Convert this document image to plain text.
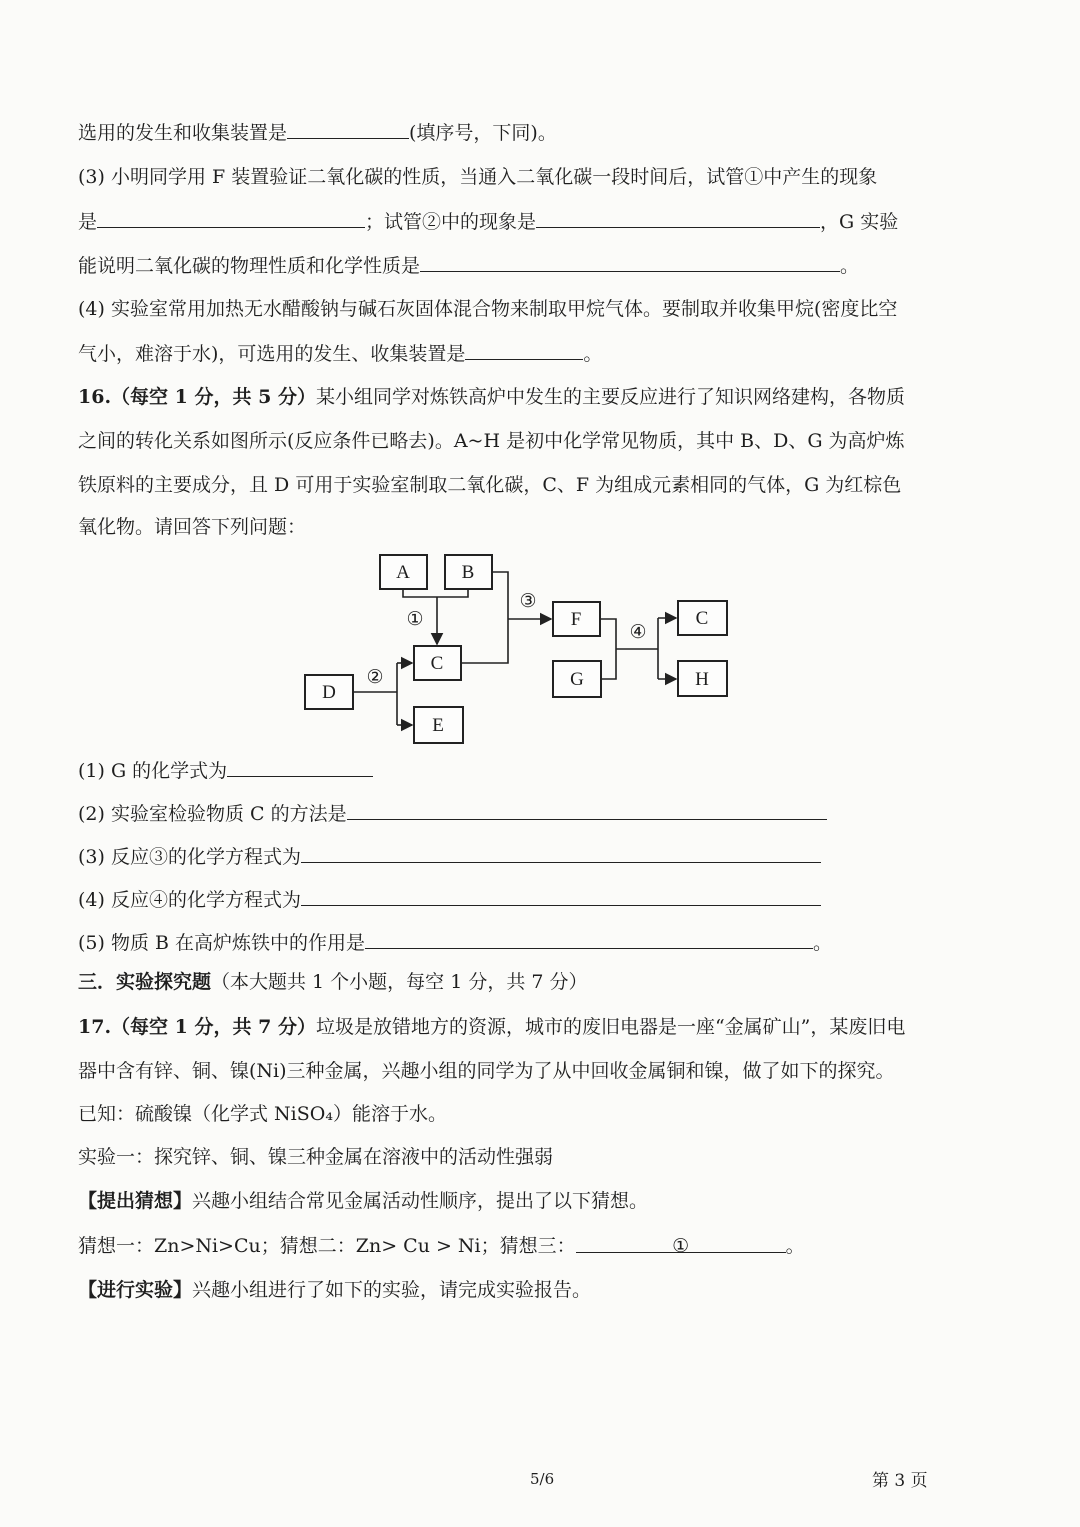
选用的发生和收集装置是	(填序号，下同)。
(3) 小明同学用 F 装置验证二氧化碳的性质，当通入二氧化碳一段时间后，试管①中产生的现象
是	；试管②中的现象是	，G 实验
能说明二氧化碳的物理性质和化学性质是	。
(4) 实验室常用加热无水醋酸钠与碱石灰固体混合物来制取甲烷气体。要制取并收集甲烷(密度比空
气小，难溶于水)，可选用的发生、收集装置是	。
16.（每空 1 分，共 5 分）某小组同学对炼铁高炉中发生的主要反应进行了知识网络建构，各物质
之间的转化关系如图所示(反应条件已略去)。A~H 是初中化学常见物质，其中 B、D、G 为高炉炼
铁原料的主要成分，且 D 可用于实验室制取二氧化碳，C、F 为组成元素相同的气体，G 为红棕色
氧化物。请回答下列问题：
A	B
C
D
E
F
G
C
H
①
③
②
④
(1) G 的化学式为
(2) 实验室检验物质 C 的方法是
(3) 反应③的化学方程式为
(4) 反应④的化学方程式为
(5) 物质 B 在高炉炼铁中的作用是	。
三．实验探究题（本大题共 1 个小题，每空 1 分，共 7 分）
17.（每空 1 分，共 7 分）垃圾是放错地方的资源，城市的废旧电器是一座“金属矿山”，某废旧电
器中含有锌、铜、镍(Ni)三种金属，兴趣小组的同学为了从中回收金属铜和镍，做了如下的探究。
已知：硫酸镍（化学式 NiSO₄）能溶于水。
实验一：探究锌、铜、镍三种金属在溶液中的活动性强弱
【提出猜想】兴趣小组结合常见金属活动性顺序，提出了以下猜想。
猜想一：Zn>Ni>Cu；猜想二：Zn> Cu > Ni；猜想三：	①	。
【进行实验】兴趣小组进行了如下的实验，请完成实验报告。
5/6	第 3 页
